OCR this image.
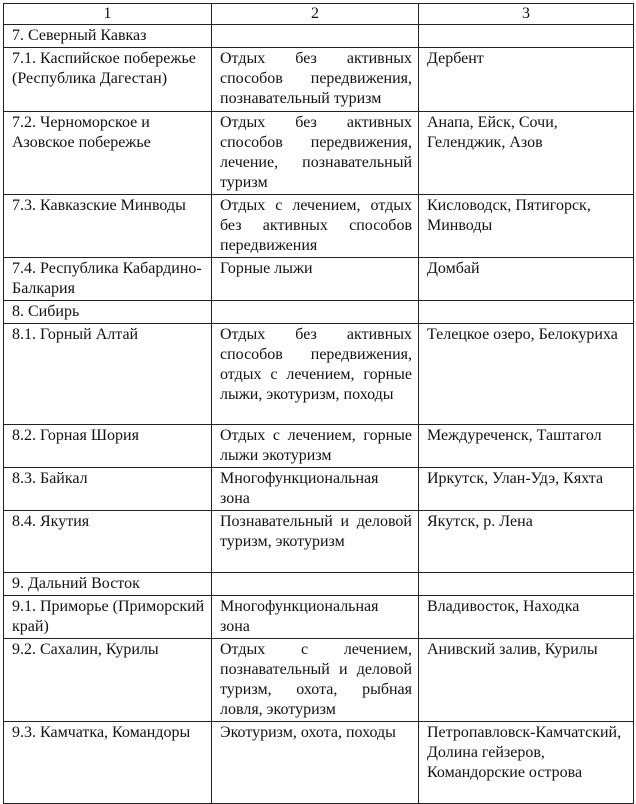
1	2	3
7. Северный Кавказ		
7.1. Каспийское побережье (Республика Дагестан)	Отдых без активных способов передвижения, познавательный туризм	Дербент
7.2. Черноморское и Азовское побережье	Отдых без активных способов передвижения, лечение, познавательный туризм	Анапа, Ейск, Сочи, Геленджик, Азов
7.3. Кавказские Минводы	Отдых с лечением, отдых без активных способов передвижения	Кисловодск, Пятигорск, Минводы
7.4. Республика Кабардино-Балкария	Горные лыжи	Домбай
8. Сибирь		
8.1. Горный Алтай	Отдых без активных способов передвижения, отдых с лечением, горные лыжи, экотуризм, походы	Телецкое озеро, Белокуриха
8.2. Горная Шория	Отдых с лечением, горные лыжи экотуризм	Междуреченск, Таштагол
8.3. Байкал	Многофункциональная зона	Иркутск, Улан-Удэ, Кяхта
8.4. Якутия	Познавательный и деловой туризм, экотуризм	Якутск, р. Лена
9. Дальний Восток		
9.1. Приморье (Приморский край)	Многофункциональная зона	Владивосток, Находка
9.2. Сахалин, Курилы	Отдых с лечением, познавательный и деловой туризм, охота, рыбная ловля, экотуризм	Анивский залив, Курилы
9.3. Камчатка, Командоры	Экотуризм, охота, походы	Петропавловск-Камчатский, Долина гейзеров, Командорские острова
